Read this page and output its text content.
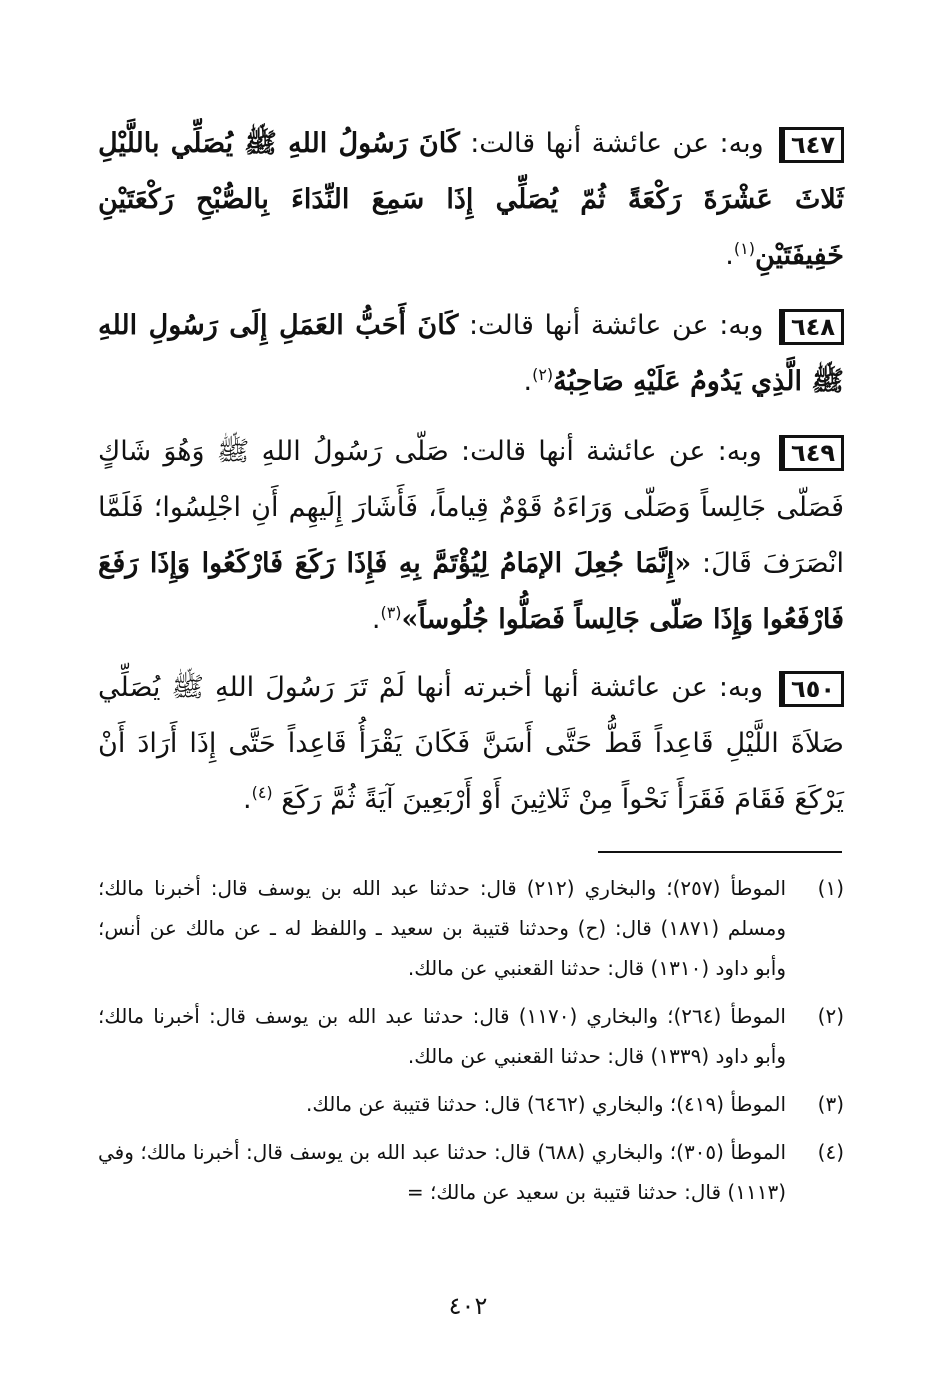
٦٤٧ وبه: عن عائشة أنها قالت: كَانَ رَسُولُ اللهِ ﷺ يُصَلِّي باللَّيْلِ ثَلاثَ عَشْرَةَ رَكْعَةً ثُمّ يُصَلِّي إِذَا سَمِعَ النِّدَاءَ بِالصُّبْحِ رَكْعَتَيْنِ خَفِيفَتَيْنِ$^{(١)}$.
٦٤٨ وبه: عن عائشة أنها قالت: كَانَ أَحَبُّ العَمَلِ إِلَى رَسُولِ اللهِ ﷺ الَّذِي يَدُومُ عَلَيْهِ صَاحِبُهُ$^{(٢)}$.
٦٤٩ وبه: عن عائشة أنها قالت: صَلّى رَسُولُ اللهِ ﷺ وَهُوَ شَاكٍ فَصَلّى جَالِساً وَصَلّى وَرَاءَهُ قَوْمٌ قِياماً، فَأَشَارَ إِلَيهِم أَنِ اجْلِسُوا؛ فَلَمَّا انْصَرَفَ قَالَ: «إِنَّمَا جُعِلَ الإمَامُ لِيُؤْتَمَّ بِهِ فَإِذَا رَكَعَ فَارْكَعُوا وَإِذَا رَفَعَ فَارْفَعُوا وَإِذَا صَلّى جَالِساً فَصَلُّوا جُلُوساً»$^{(٣)}$.
٦٥٠ وبه: عن عائشة أنها أخبرته أنها لَمْ تَرَ رَسُولَ اللهِ ﷺ يُصَلِّي صَلاَةَ اللَّيْلِ قَاعِداً قَطُّ حَتَّى أَسَنَّ فَكَانَ يَقْرَأُ قَاعِداً حَتَّى إِذَا أَرَادَ أَنْ يَرْكَعَ فَقَامَ فَقَرَأَ نَحْواً مِنْ ثَلاثِينَ أَوْ أَرْبَعِينَ آيَةً ثُمَّ رَكَعَ $^{(٤)}$.
(١)
الموطأ (٢٥٧)؛ والبخاري (٢١٢) قال: حدثنا عبد الله بن يوسف قال: أخبرنا مالك؛ ومسلم (١٨٧١) قال: (ح) وحدثنا قتيبة بن سعيد ـ واللفظ له ـ عن مالك عن أنس؛ وأبو داود (١٣١٠) قال: حدثنا القعنبي عن مالك.
(٢)
الموطأ (٢٦٤)؛ والبخاري (١١٧٠) قال: حدثنا عبد الله بن يوسف قال: أخبرنا مالك؛ وأبو داود (١٣٣٩) قال: حدثنا القعنبي عن مالك.
(٣)
الموطأ (٤١٩)؛ والبخاري (٦٤٦٢) قال: حدثنا قتيبة عن مالك.
(٤)
الموطأ (٣٠٥)؛ والبخاري (٦٨٨) قال: حدثنا عبد الله بن يوسف قال: أخبرنا مالك؛ وفي (١١١٣) قال: حدثنا قتيبة بن سعيد عن مالك؛ =
٤٠٢
